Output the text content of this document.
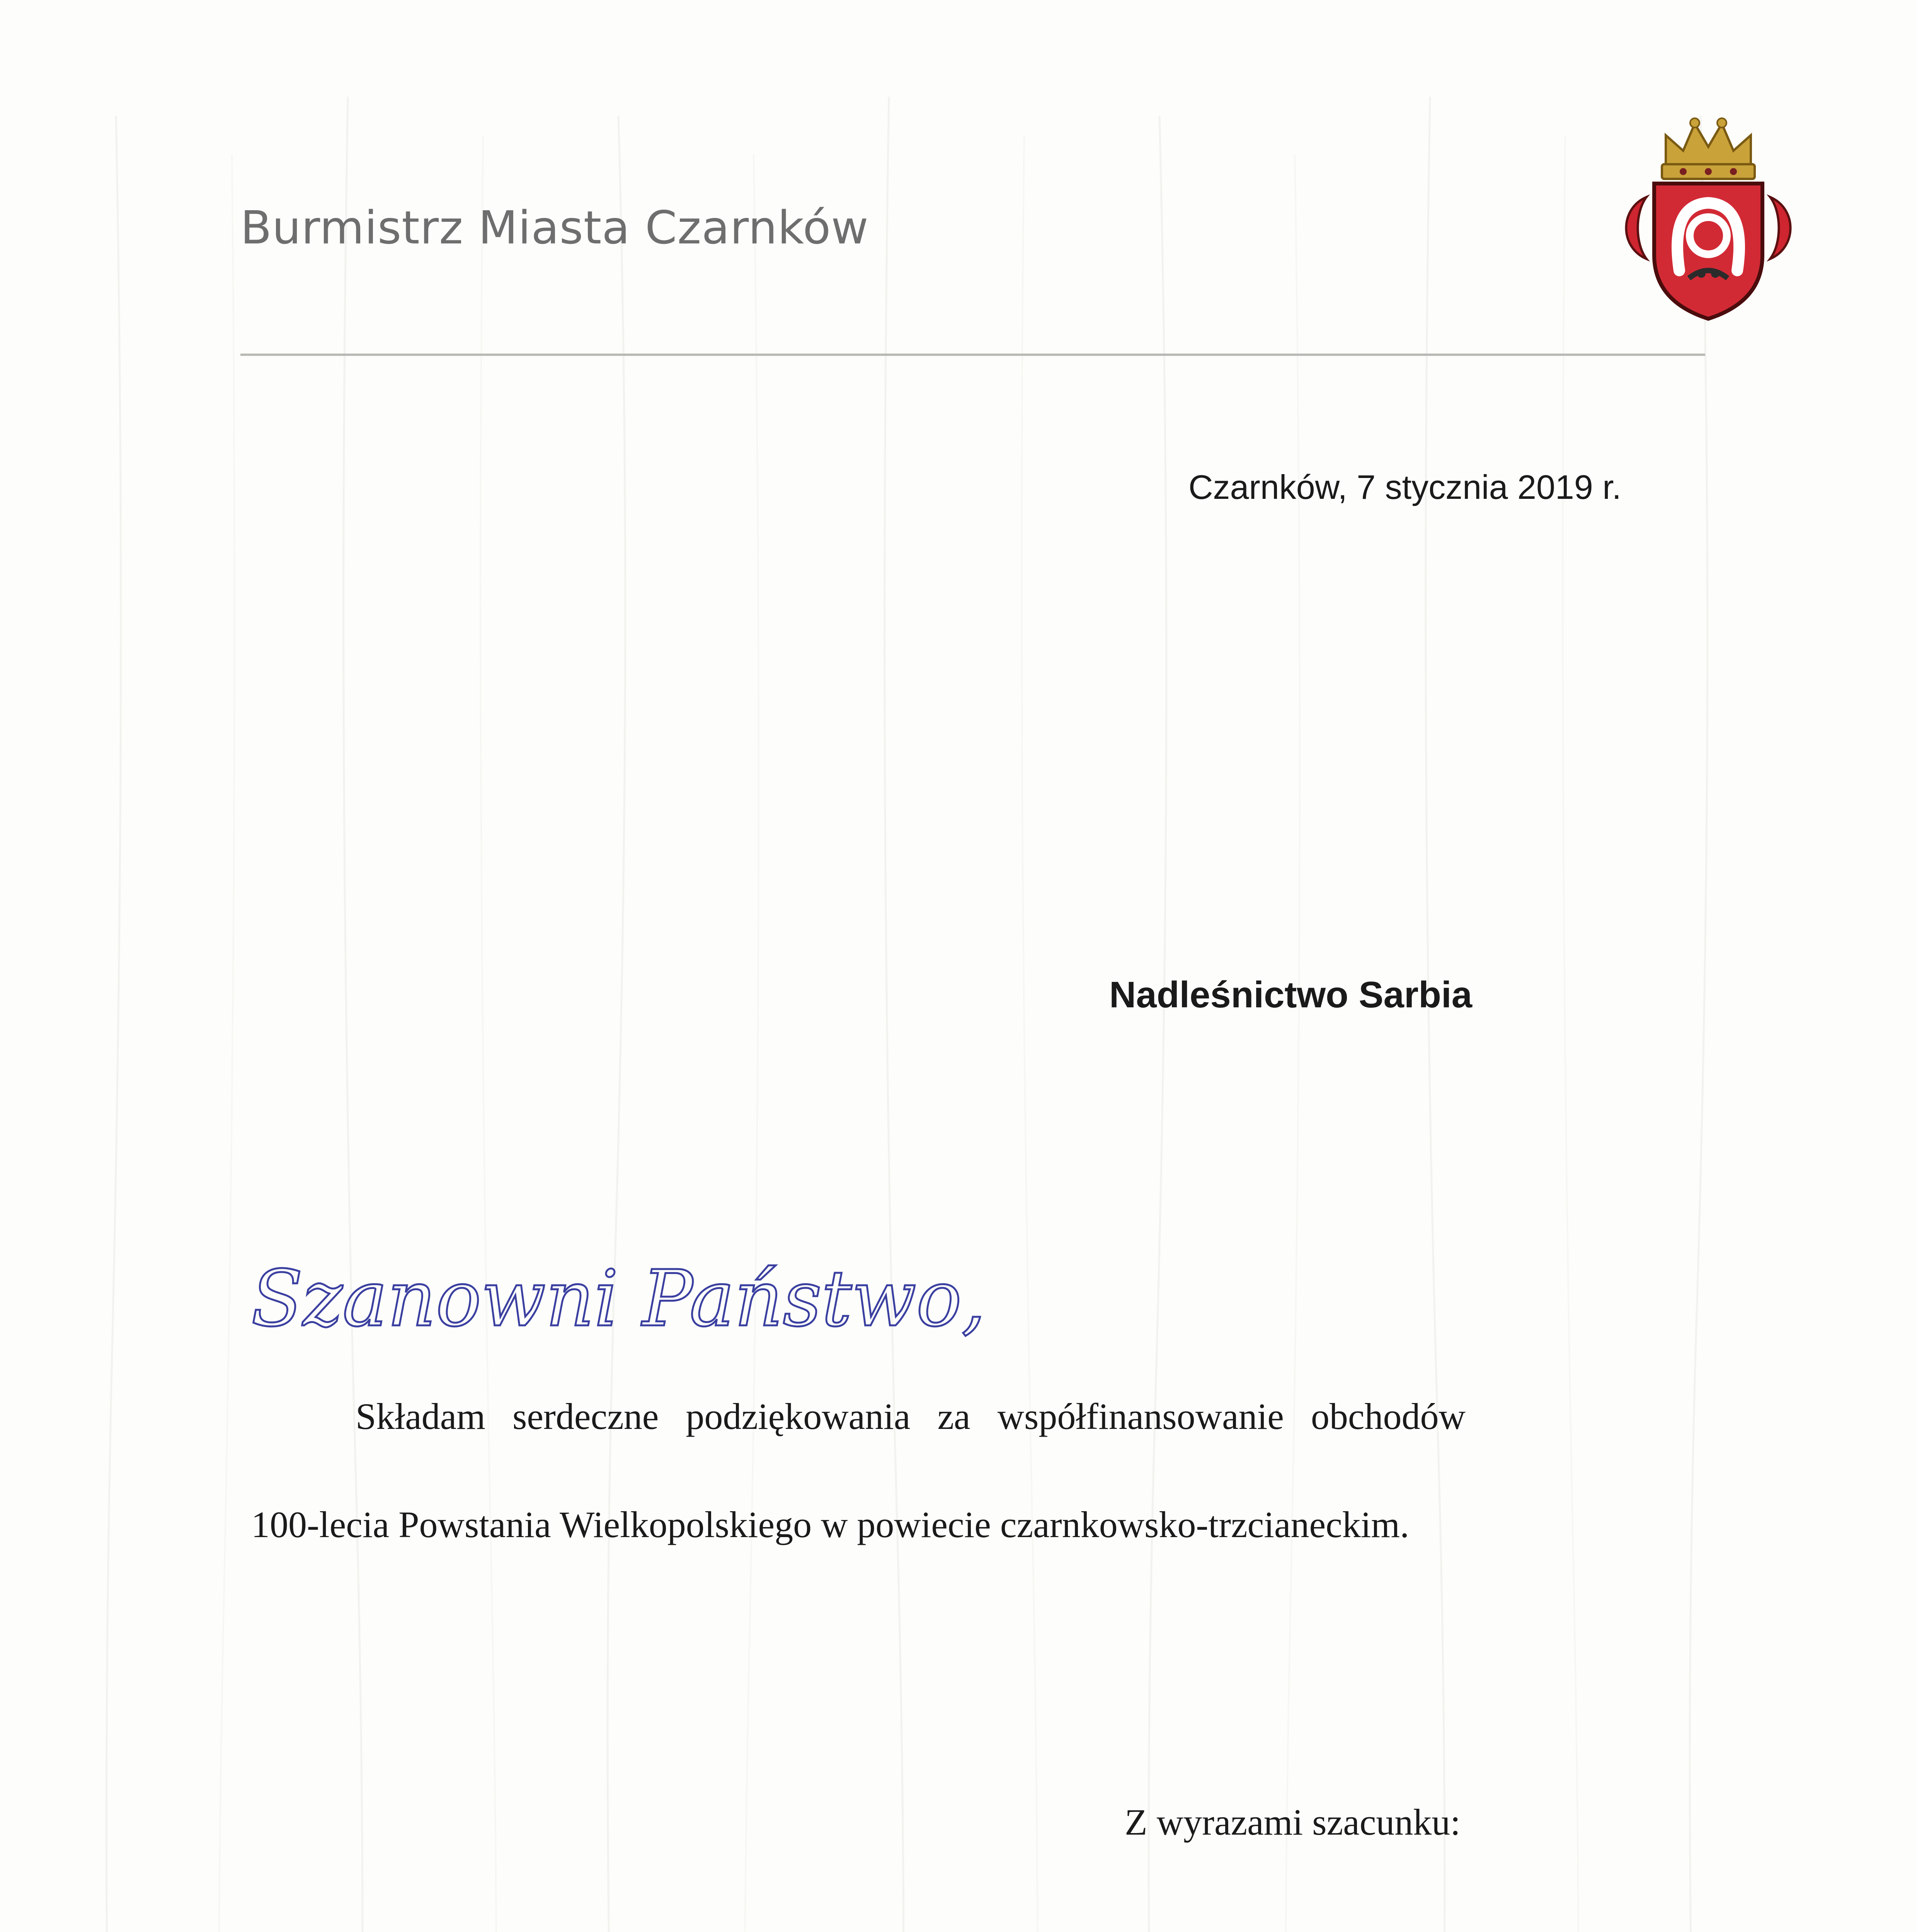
Burmistrz Miasta Czarnków

Czarnków, 7 stycznia 2019 r.

Nadleśnictwo Sarbia

Szanowni Państwo,

Składam serdeczne podziękowania za współfinansowanie obchodów

100-lecia Powstania Wielkopolskiego w powiecie czarnkowsko-trzcianeckim.

Z wyrazami szacunku:
